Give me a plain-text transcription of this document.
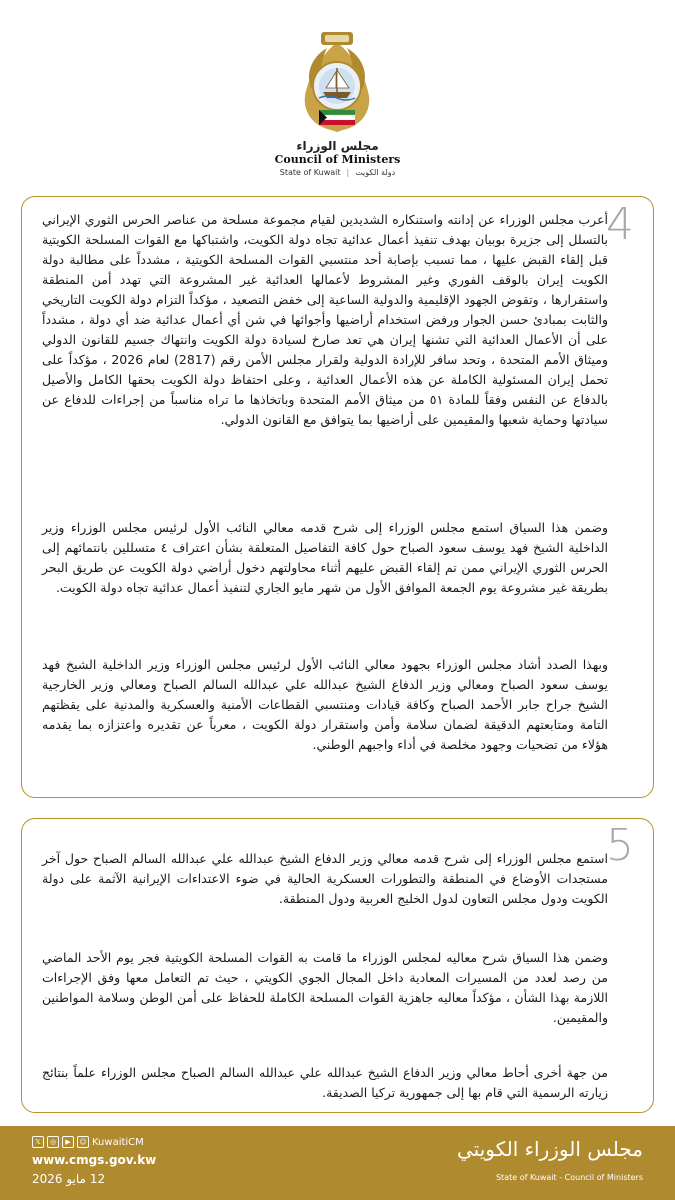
مجلس الوزراء
Council of Ministers
State of Kuwait | دولة الكويت
4

أعرب مجلس الوزراء عن إدانته واستنكاره الشديدين لقيام مجموعة مسلحة من عناصر الحرس الثوري الإيراني بالتسلل إلى جزيرة بوبيان بهدف تنفيذ أعمال عدائية تجاه دولة الكويت، واشتباكها مع القوات المسلحة الكويتية قبل إلقاء القبض عليها ، مما تسبب بإصابة أحد منتسبي القوات المسلحة الكويتية ، مشدداً على مطالبة دولة الكويت إيران بالوقف الفوري وغير المشروط لأعمالها العدائية غير المشروعة التي تهدد أمن المنطقة واستقرارها ، وتقوض الجهود الإقليمية والدولية الساعية إلى خفض التصعيد ، مؤكداً التزام دولة الكويت التاريخي والثابت بمبادئ حسن الجوار ورفض استخدام أراضيها وأجوائها في شن أي أعمال عدائية ضد أي دولة ، مشدداً على أن الأعمال العدائية التي تشنها إيران هي تعد صارخ لسيادة دولة الكويت وانتهاك جسيم للقانون الدولي وميثاق الأمم المتحدة ، وتحد سافر للإرادة الدولية ولقرار مجلس الأمن رقم (2817) لعام 2026 ، مؤكداً على تحمل إيران المسئولية الكاملة عن هذه الأعمال العدائية ، وعلى احتفاظ دولة الكويت بحقها الكامل والأصيل بالدفاع عن النفس وفقاً للمادة ٥١ من ميثاق الأمم المتحدة وباتخاذها ما تراه مناسباً من إجراءات للدفاع عن سيادتها وحماية شعبها والمقيمين على أراضيها بما يتوافق مع القانون الدولي.

وضمن هذا السياق استمع مجلس الوزراء إلى شرح قدمه معالي النائب الأول لرئيس مجلس الوزراء وزير الداخلية الشيخ فهد يوسف سعود الصباح حول كافة التفاصيل المتعلقة بشأن اعتراف ٤ متسللين بانتمائهم إلى الحرس الثوري الإيراني ممن تم إلقاء القبض عليهم أثناء محاولتهم دخول أراضي دولة الكويت عن طريق البحر بطريقة غير مشروعة يوم الجمعة الموافق الأول من شهر مايو الجاري لتنفيذ أعمال عدائية تجاه دولة الكويت.

وبهذا الصدد أشاد مجلس الوزراء بجهود معالي النائب الأول لرئيس مجلس الوزراء وزير الداخلية الشيخ فهد يوسف سعود الصباح ومعالي وزير الدفاع الشيخ عبدالله علي عبدالله السالم الصباح ومعالي وزير الخارجية الشيخ جراح جابر الأحمد الصباح وكافة قيادات ومنتسبي القطاعات الأمنية والعسكرية والمدنية على يقظتهم التامة ومتابعتهم الدقيقة لضمان سلامة وأمن واستقرار دولة الكويت ، معرباً عن تقديره واعتزازه بما يقدمه هؤلاء من تضحيات وجهود مخلصة في أداء واجبهم الوطني.

5

استمع مجلس الوزراء إلى شرح قدمه معالي وزير الدفاع الشيخ عبدالله علي عبدالله السالم الصباح حول آخر مستجدات الأوضاع في المنطقة والتطورات العسكرية الحالية في ضوء الاعتداءات الإيرانية الآثمة على دولة الكويت ودول مجلس التعاون لدول الخليج العربية ودول المنطقة.

وضمن هذا السياق شرح معاليه لمجلس الوزراء ما قامت به القوات المسلحة الكويتية فجر يوم الأحد الماضي من رصد لعدد من المسيرات المعادية داخل المجال الجوي الكويتي ، حيث تم التعامل معها وفق الإجراءات اللازمة بهذا الشأن ، مؤكداً معاليه جاهزية القوات المسلحة الكاملة للحفاظ على أمن الوطن وسلامة المواطنين والمقيمين.

من جهة أخرى أحاط معالي وزير الدفاع الشيخ عبدالله علي عبدالله السالم الصباح مجلس الوزراء علماً بنتائج زيارته الرسمية التي قام بها إلى جمهورية تركيا الصديقة.

𝕏	◎	▶	☺ KuwaitiCM
www.cmgs.gov.kw
12 مايو 2026
مجلس الوزراء الكويتي
State of Kuwait - Council of Ministers
